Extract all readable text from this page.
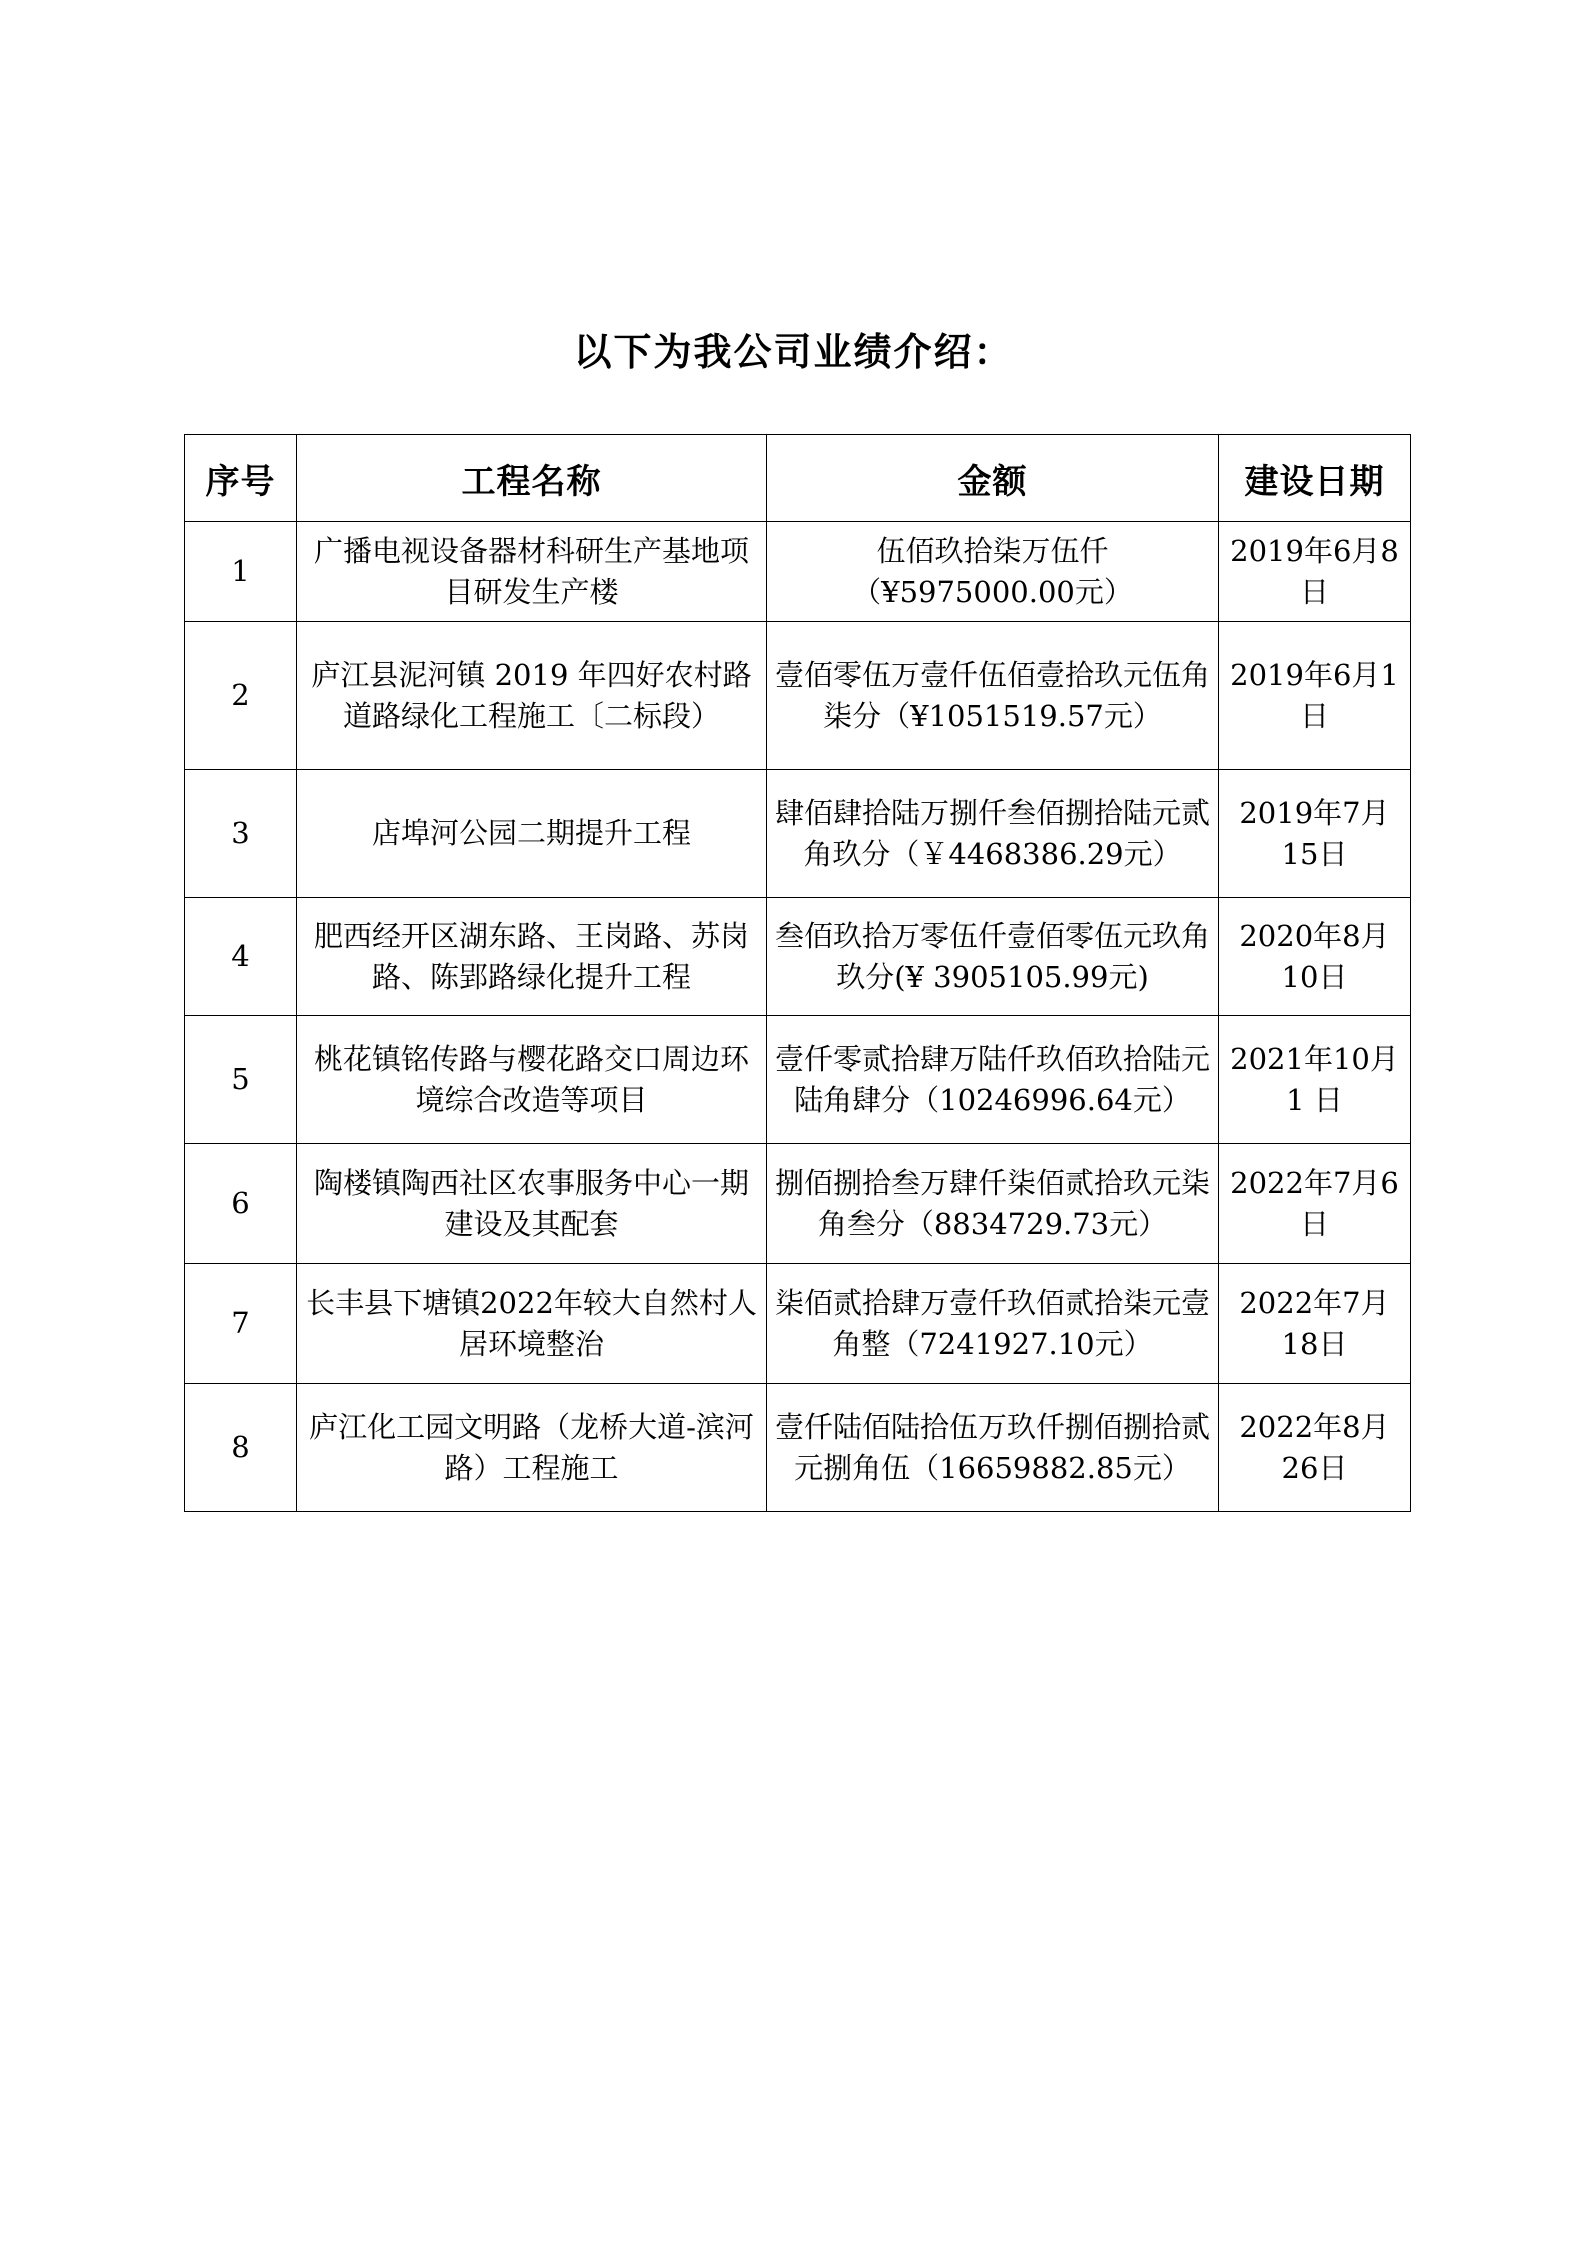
以下为我公司业绩介绍：
序号	工程名称	金额	建设日期
1	广播电视设备器材科研生产基地项目研发生产楼	伍佰玖拾柒万伍仟（¥5975000.00元）	2019年6月8日
2	庐江县泥河镇 2019 年四好农村路道路绿化工程施工〔二标段）	壹佰零伍万壹仟伍佰壹拾玖元伍角柒分（¥1051519.57元）	2019年6月1日
3	店埠河公园二期提升工程	肆佰肆拾陆万捌仟叁佰捌拾陆元贰角玖分（￥4468386.29元）	2019年7月15日
4	肥西经开区湖东路、王岗路、苏岗路、陈郢路绿化提升工程	叁佰玖拾万零伍仟壹佰零伍元玖角玖分(¥ 3905105.99元)	2020年8月10日
5	桃花镇铭传路与樱花路交口周边环境综合改造等项目	壹仟零贰拾肆万陆仟玖佰玖拾陆元陆角肆分（10246996.64元）	2021年10月1 日
6	陶楼镇陶西社区农事服务中心一期建设及其配套	捌佰捌拾叁万肆仟柒佰贰拾玖元柒角叁分（8834729.73元）	2022年7月6日
7	长丰县下塘镇2022年较大自然村人居环境整治	柒佰贰拾肆万壹仟玖佰贰拾柒元壹角整（7241927.10元）	2022年7月18日
8	庐江化工园文明路（龙桥大道-滨河路）工程施工	壹仟陆佰陆拾伍万玖仟捌佰捌拾贰元捌角伍（16659882.85元）	2022年8月26日
